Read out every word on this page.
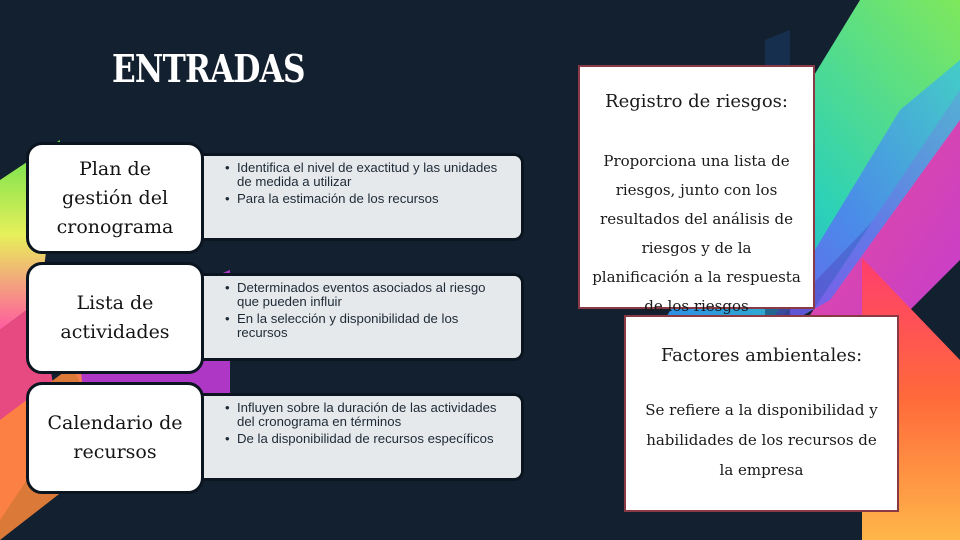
ENTRADAS
• Identifica el nivel de exactitud y las unidades de medida a utilizar
• Para la estimación de los recursos
Plan de gestión del cronograma
• Determinados eventos asociados al riesgo que pueden influir
• En la selección y disponibilidad de los recursos
Lista de actividades
• Influyen sobre la duración de las actividades del cronograma en términos
• De la disponibilidad de recursos específicos
Calendario de recursos
Registro de riesgos:
Proporciona una lista de riesgos, junto con los resultados del análisis de riesgos y de la planificación a la respuesta de los riesgos
Factores ambientales:
Se refiere a la disponibilidad y habilidades de los recursos de la empresa
